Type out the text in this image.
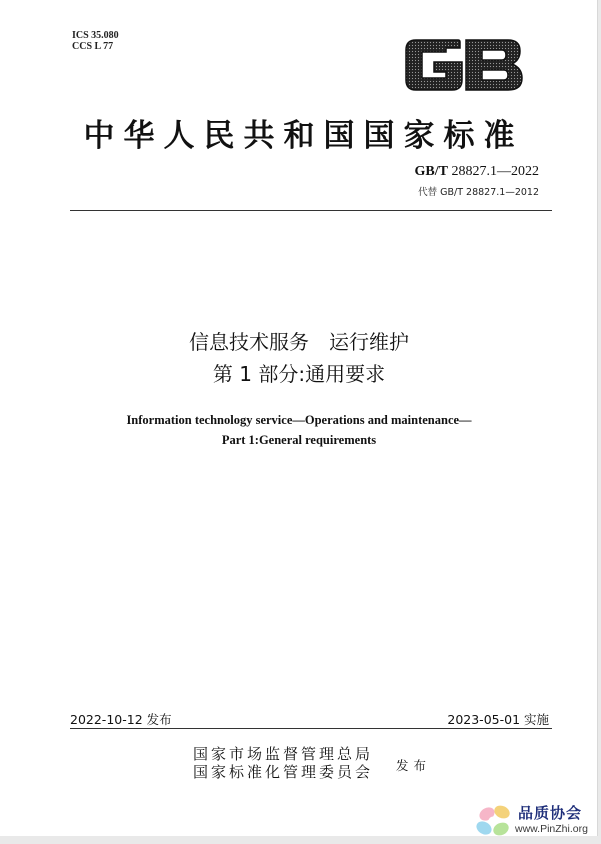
ICS 35.080
CCS L 77
中华人民共和国国家标准
GB/T 28827.1—2022
代替 GB/T 28827.1—2012
信息技术服务　运行维护
第 1 部分:通用要求
Information technology service—Operations and maintenance—
Part 1:General requirements
2022-10-12 发布	2023-05-01 实施
国家市场监督管理总局
国家标准化管理委员会 发布
品质协会
www.PinZhi.org
